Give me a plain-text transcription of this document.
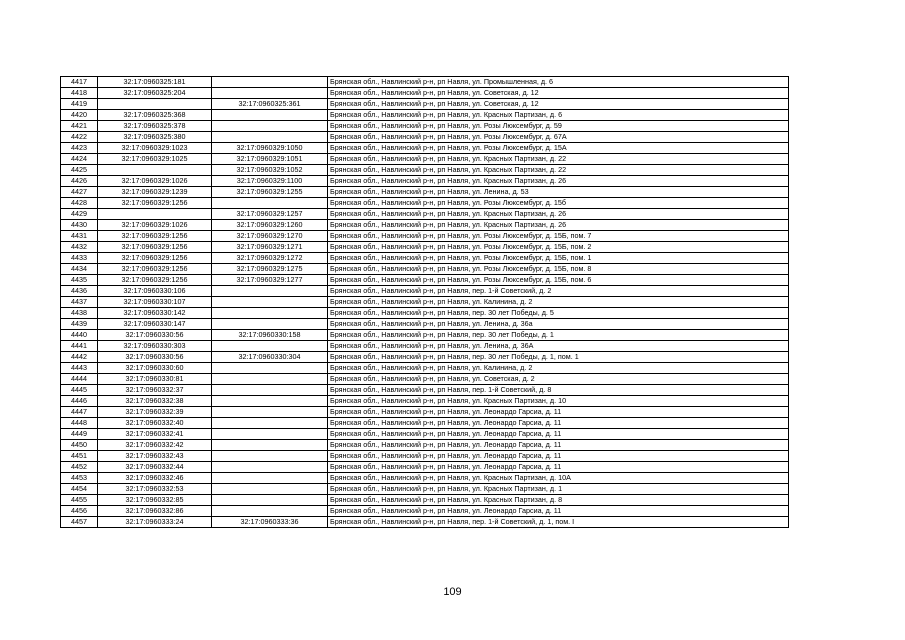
4417	32:17:0960325:181		Брянская обл., Навлинский р-н, рп Навля, ул. Промышленная, д. 6
4418	32:17:0960325:204		Брянская обл., Навлинский р-н, рп Навля, ул. Советская, д. 12
4419		32:17:0960325:361	Брянская обл., Навлинский р-н, рп Навля, ул. Советская, д. 12
4420	32:17:0960325:368		Брянская обл., Навлинский р-н, рп Навля, ул. Красных Партизан, д. 6
4421	32:17:0960325:378		Брянская обл., Навлинский р-н, рп Навля, ул. Розы Люксембург, д. 59
4422	32:17:0960325:380		Брянская обл., Навлинский р-н, рп Навля, ул. Розы Люксембург, д. 67А
4423	32:17:0960329:1023	32:17:0960329:1050	Брянская обл., Навлинский р-н, рп Навля, ул. Розы Люксембург, д. 15А
4424	32:17:0960329:1025	32:17:0960329:1051	Брянская обл., Навлинский р-н, рп Навля, ул. Красных Партизан, д. 22
4425		32:17:0960329:1052	Брянская обл., Навлинский р-н, рп Навля, ул. Красных Партизан, д. 22
4426	32:17:0960329:1026	32:17:0960329:1100	Брянская обл., Навлинский р-н, рп Навля, ул. Красных Партизан, д. 26
4427	32:17:0960329:1239	32:17:0960329:1255	Брянская обл., Навлинский р-н, рп Навля, ул. Ленина, д. 53
4428	32:17:0960329:1256		Брянская обл., Навлинский р-н, рп Навля, ул. Розы Люксембург, д. 15б
4429		32:17:0960329:1257	Брянская обл., Навлинский р-н, рп Навля, ул. Красных Партизан, д. 26
4430	32:17:0960329:1026	32:17:0960329:1260	Брянская обл., Навлинский р-н, рп Навля, ул. Красных Партизан, д. 26
4431	32:17:0960329:1256	32:17:0960329:1270	Брянская обл., Навлинский р-н, рп Навля, ул. Розы Люксембург, д. 15Б, пом. 7
4432	32:17:0960329:1256	32:17:0960329:1271	Брянская обл., Навлинский р-н, рп Навля, ул. Розы Люксембург, д. 15Б, пом. 2
4433	32:17:0960329:1256	32:17:0960329:1272	Брянская обл., Навлинский р-н, рп Навля, ул. Розы Люксембург, д. 15Б, пом. 1
4434	32:17:0960329:1256	32:17:0960329:1275	Брянская обл., Навлинский р-н, рп Навля, ул. Розы Люксембург, д. 15Б, пом. 8
4435	32:17:0960329:1256	32:17:0960329:1277	Брянская обл., Навлинский р-н, рп Навля, ул. Розы Люксембург, д. 15Б, пом. 6
4436	32:17:0960330:106		Брянская обл., Навлинский р-н, рп Навля, пер. 1-й Советский, д. 2
4437	32:17:0960330:107		Брянская обл., Навлинский р-н, рп Навля, ул. Калинина, д. 2
4438	32:17:0960330:142		Брянская обл., Навлинский р-н, рп Навля, пер. 30 лет Победы, д. 5
4439	32:17:0960330:147		Брянская обл., Навлинский р-н, рп Навля, ул. Ленина, д. 36а
4440	32:17:0960330:56	32:17:0960330:158	Брянская обл., Навлинский р-н, рп Навля, пер. 30 лет Победы, д. 1
4441	32:17:0960330:303		Брянская обл., Навлинский р-н, рп Навля, ул. Ленина, д. 36А
4442	32:17:0960330:56	32:17:0960330:304	Брянская обл., Навлинский р-н, рп Навля, пер. 30 лет Победы, д. 1, пом. 1
4443	32:17:0960330:60		Брянская обл., Навлинский р-н, рп Навля, ул. Калинина, д. 2
4444	32:17:0960330:81		Брянская обл., Навлинский р-н, рп Навля, ул. Советская, д. 2
4445	32:17:0960332:37		Брянская обл., Навлинский р-н, рп Навля, пер. 1-й Советский, д. 8
4446	32:17:0960332:38		Брянская обл., Навлинский р-н, рп Навля, ул. Красных Партизан, д. 10
4447	32:17:0960332:39		Брянская обл., Навлинский р-н, рп Навля, ул. Леонардо Гарсиа, д. 11
4448	32:17:0960332:40		Брянская обл., Навлинский р-н, рп Навля, ул. Леонардо Гарсиа, д. 11
4449	32:17:0960332:41		Брянская обл., Навлинский р-н, рп Навля, ул. Леонардо Гарсиа, д. 11
4450	32:17:0960332:42		Брянская обл., Навлинский р-н, рп Навля, ул. Леонардо Гарсиа, д. 11
4451	32:17:0960332:43		Брянская обл., Навлинский р-н, рп Навля, ул. Леонардо Гарсиа, д. 11
4452	32:17:0960332:44		Брянская обл., Навлинский р-н, рп Навля, ул. Леонардо Гарсиа, д. 11
4453	32:17:0960332:46		Брянская обл., Навлинский р-н, рп Навля, ул. Красных Партизан, д. 10А
4454	32:17:0960332:53		Брянская обл., Навлинский р-н, рп Навля, ул. Красных Партизан, д. 1
4455	32:17:0960332:85		Брянская обл., Навлинский р-н, рп Навля, ул. Красных Партизан, д. 8
4456	32:17:0960332:86		Брянская обл., Навлинский р-н, рп Навля, ул. Леонардо Гарсиа, д. 11
4457	32:17:0960333:24	32:17:0960333:36	Брянская обл., Навлинский р-н, рп Навля, пер. 1-й Советский, д. 1, пом. I
109
